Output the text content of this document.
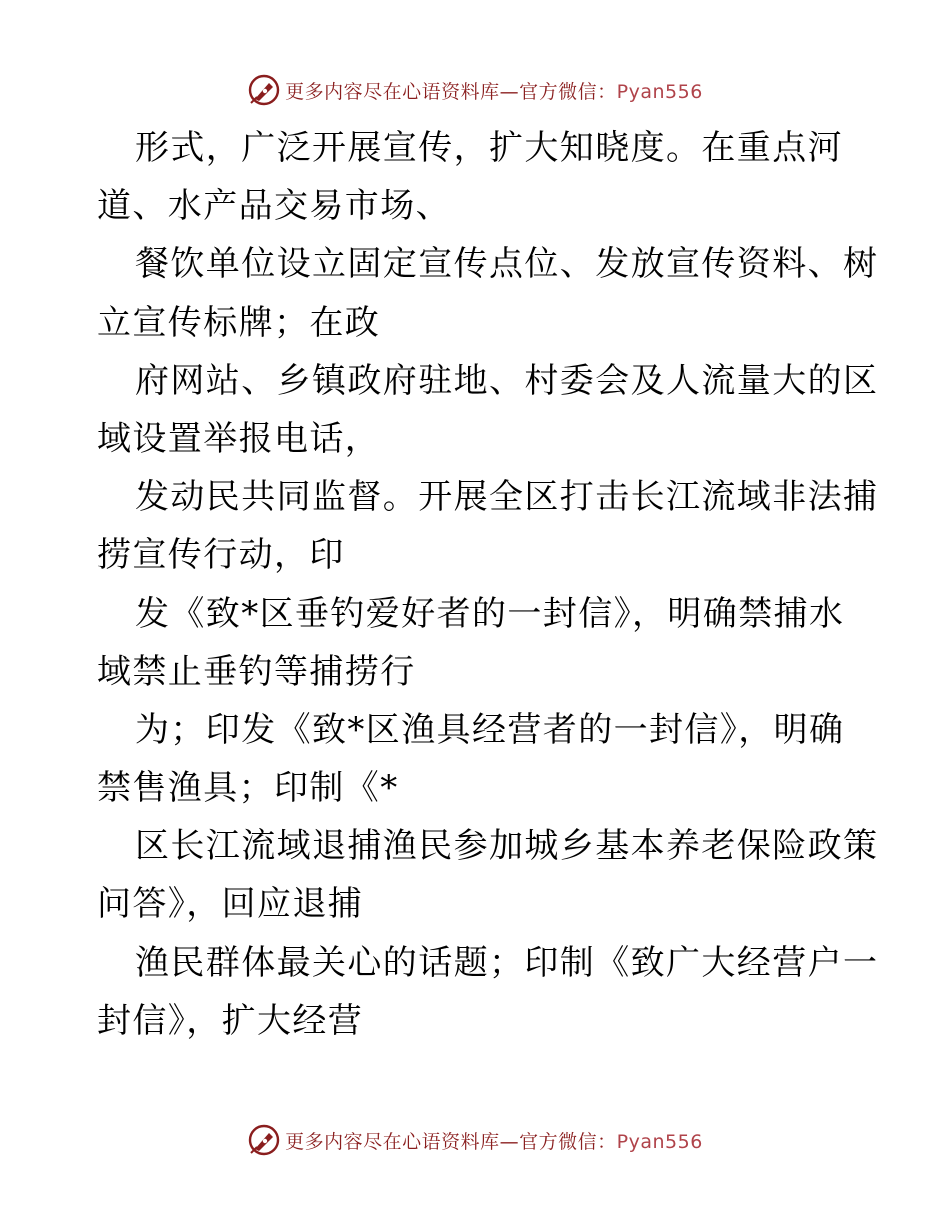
更多内容尽在心语资料库—官方微信：Pyan556
形式，广泛开展宣传，扩大知晓度。在重点河
道、水产品交易市场、
餐饮单位设立固定宣传点位、发放宣传资料、树
立宣传标牌；在政
府网站、乡镇政府驻地、村委会及人流量大的区
域设置举报电话，
发动民共同监督。开展全区打击长江流域非法捕
捞宣传行动，印
发《致*区垂钓爱好者的一封信》，明确禁捕水
域禁止垂钓等捕捞行
为；印发《致*区渔具经营者的一封信》，明确
禁售渔具；印制《*
区长江流域退捕渔民参加城乡基本养老保险政策
问答》，回应退捕
渔民群体最关心的话题；印制《致广大经营户一
封信》，扩大经营
更多内容尽在心语资料库—官方微信：Pyan556
